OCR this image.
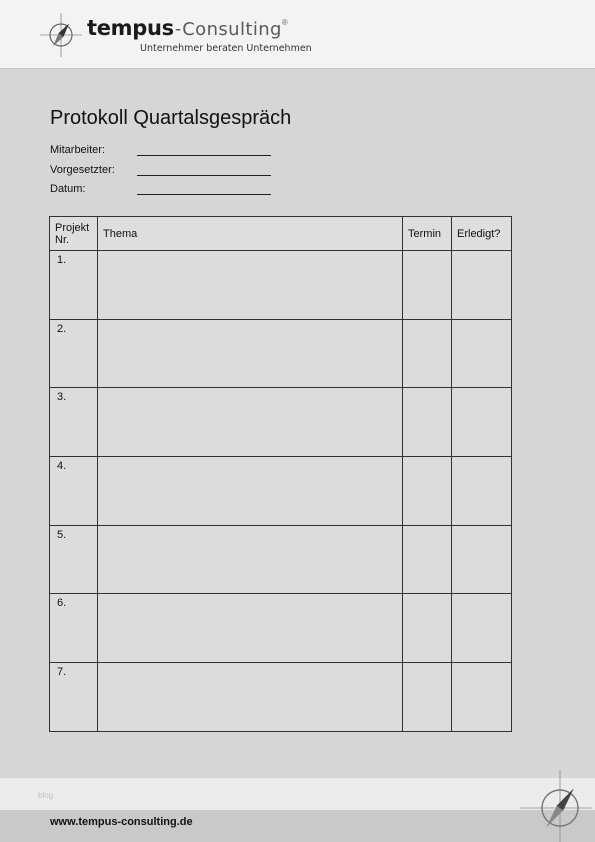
tempus-Consulting®
Unternehmer beraten Unternehmen
Protokoll Quartalsgespräch
Mitarbeiter:
Vorgesetzter:
Datum:
Projekt Nr.	Thema	Termin	Erledigt?

1.			

2.			

3.			

4.			

5.			

6.			

7.			

blog
www.tempus-consulting.de
